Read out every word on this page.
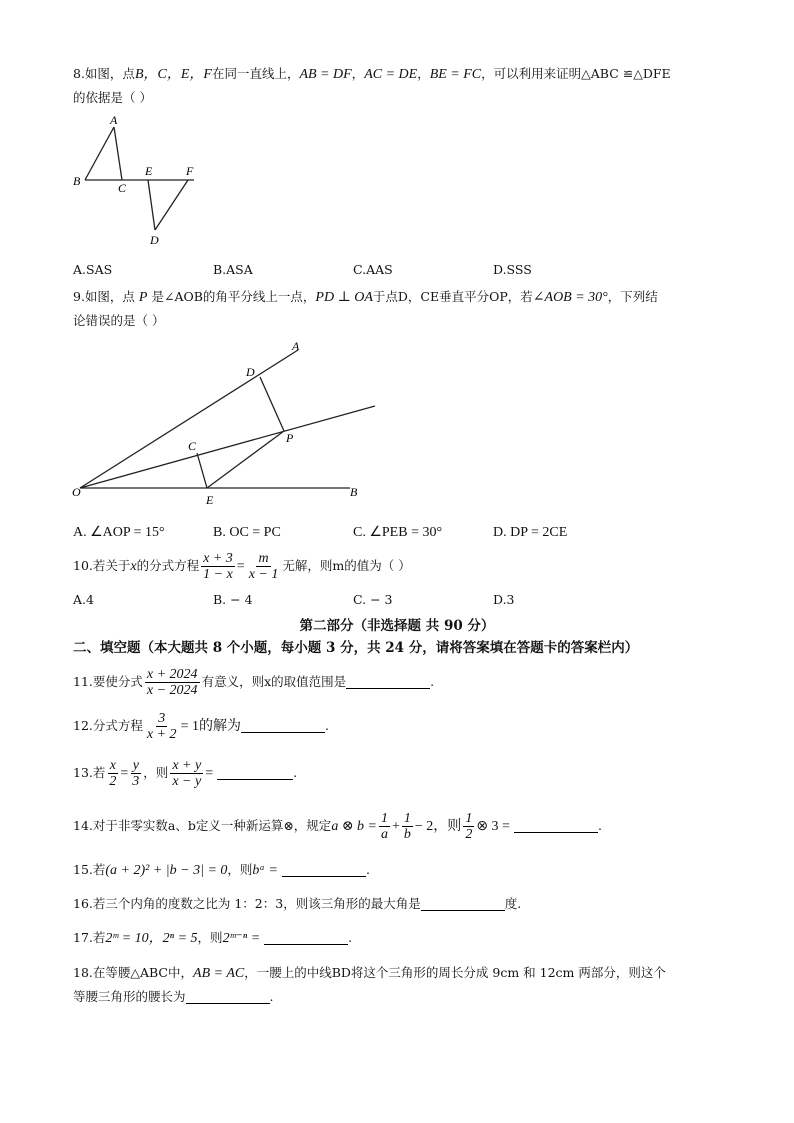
8.如图，点B，C，E，F在同一直线上，AB = DF，AC = DE，BE = FC，可以利用来证明△ABC ≌△DFE
的依据是（ ）
A
B	C
E	F
D
A.SAS	B.ASA	C.AAS	D.SSS
9.如图，点 P 是∠AOB的角平分线上一点，PD ⊥ OA于点D，CE垂直平分OP，若∠AOB = 30°，下列结
论错误的是（ ）
A
D
P
C
O
E
B
A. ∠AOP = 15°	B. OC = PC	C. ∠PEB = 30°	D. DP = 2CE
10.若关于x的分式方程 $\frac{x + 3}{1 - x} = \frac{m}{x - 1}$ 无解，则m的值为（ ）
A.4	B. − 4	C. − 3	D.3
第二部分（非选择题 共 90 分）
二、填空题（本大题共 8 个小题，每小题 3 分，共 24 分，请将答案填在答题卡的答案栏内）
11.要使分式 $\frac{x + 2024}{x - 2024}$ 有意义，则x的取值范围是	.
12.分式方程 $\frac{3}{x + 2} = 1$的解为	.
13.若 $\frac{x}{2} = \frac{y}{3}$ ，则 $\frac{x + y}{x - y}$ =	.
14.对于非零实数a、b定义一种新运算⊗，规定a ⊗ $b = \frac{1}{a} + \frac{1}{b} - 2$，则 $\frac{1}{2}$ ⊗ 3 =	.
15.若(a + 2)² + |b − 3| = 0，则bᵃ =	.
16.若三个内角的度数之比为 1：2：3，则该三角形的最大角是	度.
17.若2ᵐ = 10，2ⁿ = 5，则2ᵐ⁻ⁿ =	.
18.在等腰△ABC中，AB = AC，一腰上的中线BD将这个三角形的周长分成 9cm 和 12cm 两部分，则这个
等腰三角形的腰长为	.
